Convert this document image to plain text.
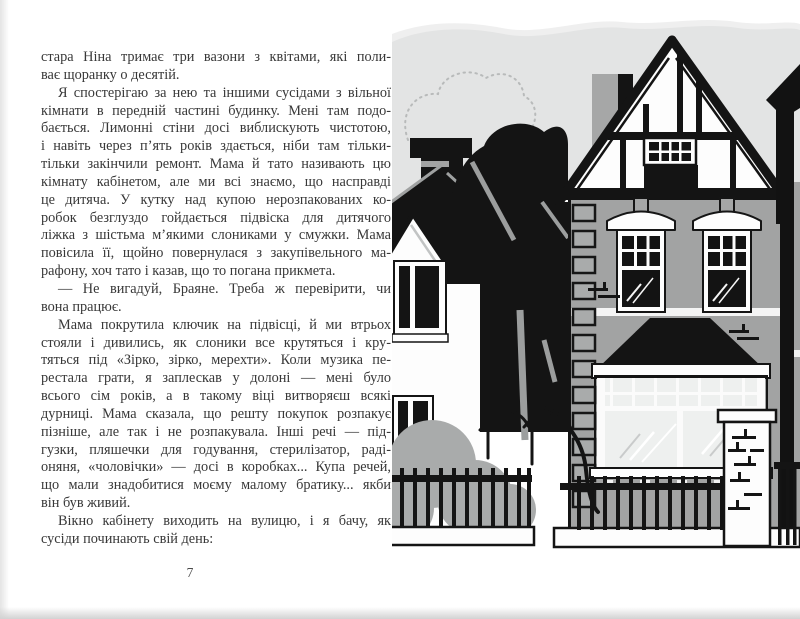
стара Ніна тримає три вазони з квітами, які поли-
ває щоранку о десятій.
Я спостерігаю за нею та іншими сусідами з вільної
кімнати в передній частині будинку. Мені там подо-
бається. Лимонні стіни досі виблискують чистотою,
і навіть через п’ять років здається, ніби там тільки-
тільки закінчили ремонт. Мама й тато називають цю
кімнату кабінетом, але ми всі знаємо, що насправді
це дитяча. У кутку над купою нерозпакованих ко-
робок безглуздо гойдається підвіска для дитячого
ліжка з шістьма м’якими слониками у смужки. Мама
повісила її, щойно повернулася з закупівельного ма-
рафону, хоч тато і казав, що то погана прикмета.
— Не вигадуй, Браяне. Треба ж перевірити, чи
вона працює.
Мама покрутила ключик на підвісці, й ми втрьох
стояли і дивились, як слоники все крутяться і кру-
тяться під «Зірко, зірко, мерехти». Коли музика пе-
рестала грати, я заплескав у долоні — мені було
всього сім років, а в такому віці витворяєш всякі
дурниці. Мама сказала, що решту покупок розпакує
пізніше, але так і не розпакувала. Інші речі — під-
гузки, пляшечки для годування, стерилізатор, раді-
оняня, «чоловічки» — досі в коробках... Купа речей,
що мали знадобитися моєму малому братику... якби
він був живий.
Вікно кабінету виходить на вулицю, і я бачу, як
сусіди починають свій день:
7
